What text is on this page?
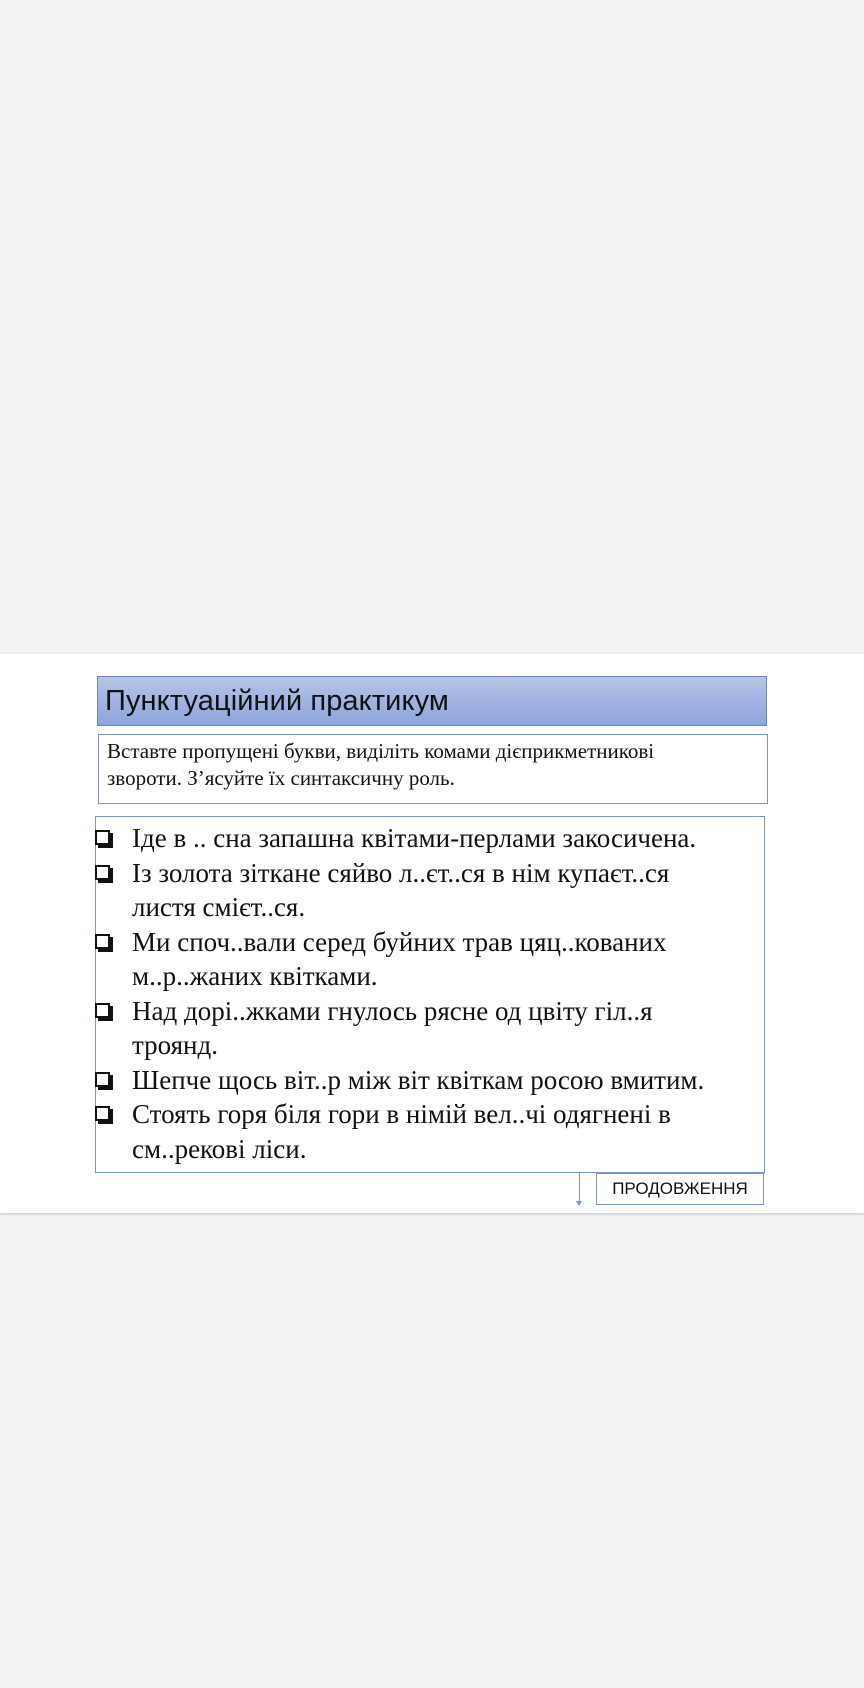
Пунктуаційний практикум

Вставте пропущені букви, виділіть комами дієприкметникові

звороти. З’ясуйте їх синтаксичну роль.

Іде в .. сна запашна квітами-перлами закосичена.
Із золота зіткане сяйво л..єт..ся в нім купаєт..ся листя смієт..ся.
Ми споч..вали серед буйних трав цяц..кованих м..р..жаних квітками.
Над дорі..жками гнулось рясне од цвіту гіл..я троянд.
Шепче щось віт..р між віт квіткам росою вмитим.
Стоять горя біля гори в німій вел..чі одягнені в см..рекові ліси.
ПРОДОВЖЕННЯ
